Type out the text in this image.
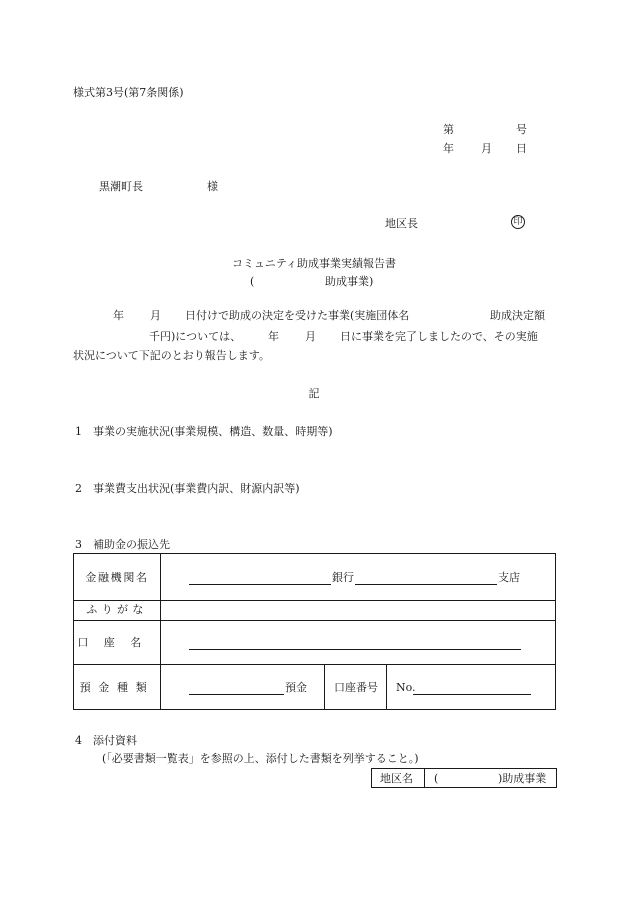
様式第3号(第7条関係)
第	号
年 月 日
黒潮町長	様
地区長	印
コミュニティ助成事業実績報告書
(	助成事業)
年 月 日付けで助成の決定を受けた事業(実施団体名	助成決定額
千円)については、 年 月 日に事業を完了しましたので、その実施
状況について下記のとおり報告します。
記
1　事業の実施状況(事業規模、構造、数量、時期等)
2　事業費支出状況(事業費内訳、財源内訳等)
3　補助金の振込先
金融機関名	銀行	支店
ふりがな
口座名
預金種類	預金 口座番号 No.
4　添付資料
(「必要書類一覧表」を参照の上、添付した書類を列挙すること。)
地区名 (	)助成事業
